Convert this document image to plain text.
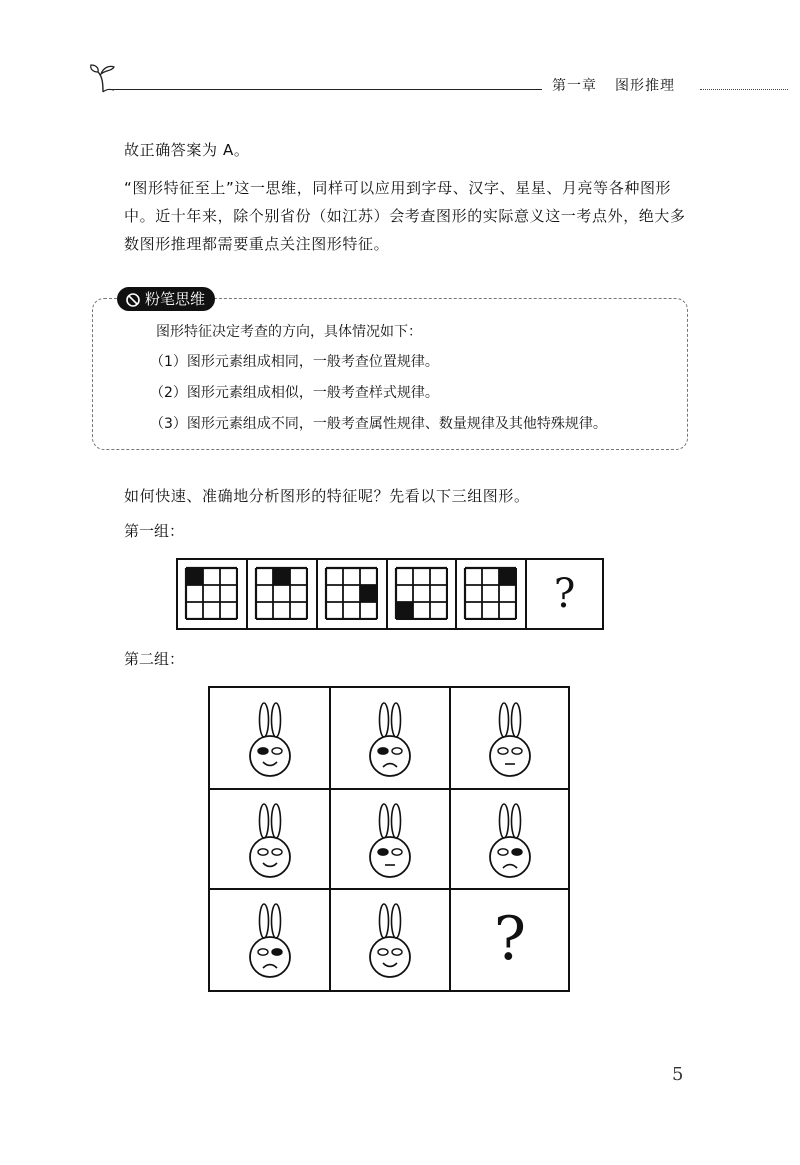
第一章 图形推理
故正确答案为 A。
“图形特征至上”这一思维，同样可以应用到字母、汉字、星星、月亮等各种图形中。近十年来，除个别省份（如江苏）会考查图形的实际意义这一考点外，绝大多数图形推理都需要重点关注图形特征。
粉笔思维
图形特征决定考查的方向，具体情况如下：
（1）图形元素组成相同，一般考查位置规律。
（2）图形元素组成相似，一般考查样式规律。
（3）图形元素组成不同，一般考查属性规律、数量规律及其他特殊规律。
如何快速、准确地分析图形的特征呢？先看以下三组图形。
第一组：
?
第二组：
?
5
